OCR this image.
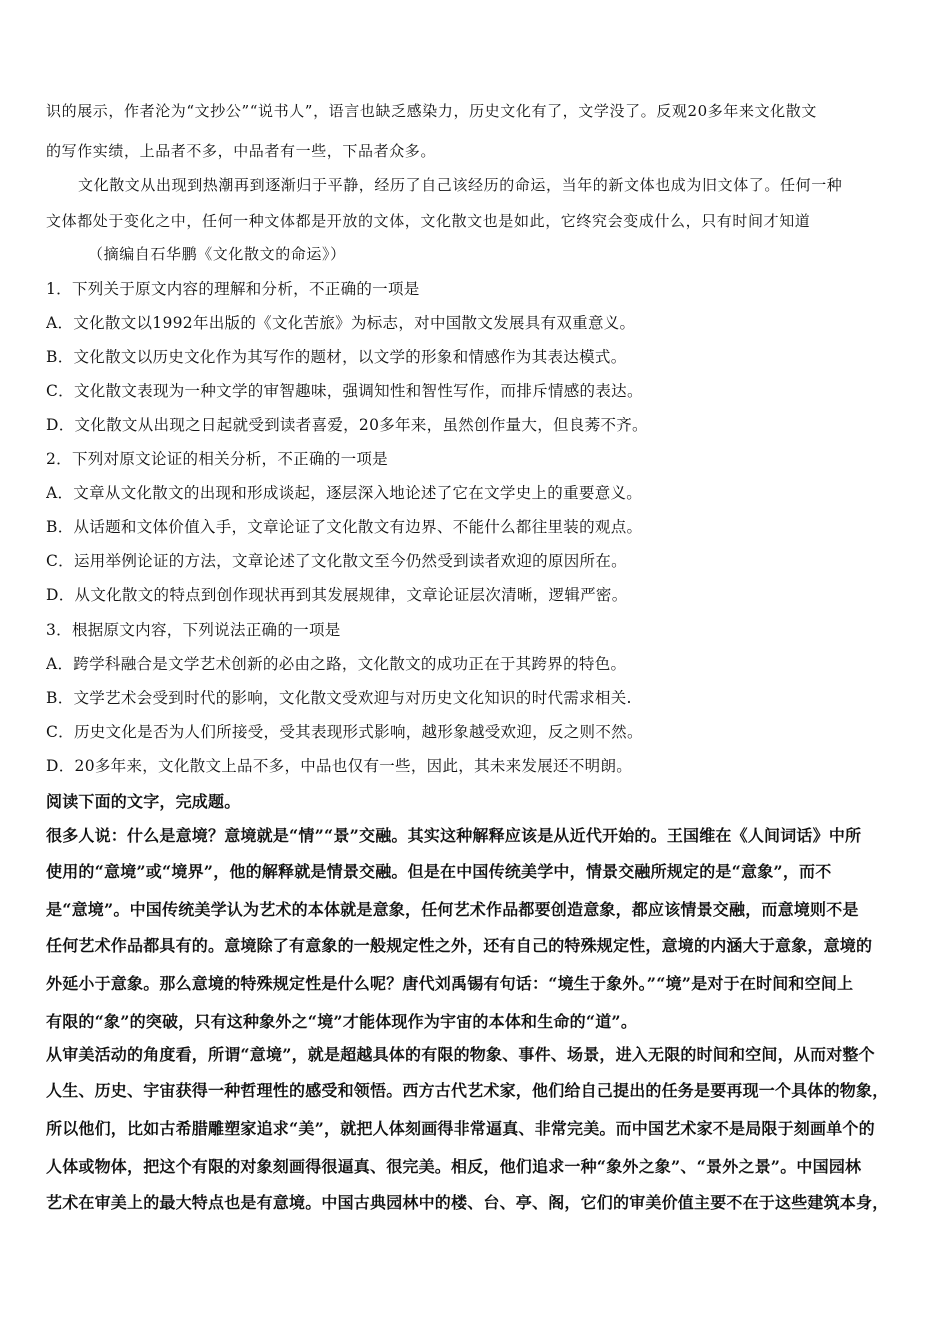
识的展示，作者沦为“文抄公”“说书人”，语言也缺乏感染力，历史文化有了，文学没了。反观20多年来文化散文
的写作实绩，上品者不多，中品者有一些，下品者众多。
文化散文从出现到热潮再到逐渐归于平静，经历了自己该经历的命运，当年的新文体也成为旧文体了。任何一种
文体都处于变化之中，任何一种文体都是开放的文体，文化散文也是如此，它终究会变成什么，只有时间才知道
（摘编自石华鹏《文化散文的命运》）
1．下列关于原文内容的理解和分析，不正确的一项是
A．文化散文以1992年出版的《文化苦旅》为标志，对中国散文发展具有双重意义。
B．文化散文以历史文化作为其写作的题材，以文学的形象和情感作为其表达模式。
C．文化散文表现为一种文学的审智趣味，强调知性和智性写作，而排斥情感的表达。
D．文化散文从出现之日起就受到读者喜爱，20多年来，虽然创作量大，但良莠不齐。
2．下列对原文论证的相关分析，不正确的一项是
A．文章从文化散文的出现和形成谈起，逐层深入地论述了它在文学史上的重要意义。
B．从话题和文体价值入手，文章论证了文化散文有边界、不能什么都往里装的观点。
C．运用举例论证的方法，文章论述了文化散文至今仍然受到读者欢迎的原因所在。
D．从文化散文的特点到创作现状再到其发展规律，文章论证层次清晰，逻辑严密。
3．根据原文内容，下列说法正确的一项是
A．跨学科融合是文学艺术创新的必由之路，文化散文的成功正在于其跨界的特色。
B．文学艺术会受到时代的影响，文化散文受欢迎与对历史文化知识的时代需求相关.
C．历史文化是否为人们所接受，受其表现形式影响，越形象越受欢迎，反之则不然。
D．20多年来，文化散文上品不多，中品也仅有一些，因此，其未来发展还不明朗。
阅读下面的文字，完成题。
很多人说：什么是意境？意境就是“情”“景”交融。其实这种解释应该是从近代开始的。王国维在《人间词话》中所
使用的“意境”或“境界”，他的解释就是情景交融。但是在中国传统美学中，情景交融所规定的是“意象”，而不
是“意境”。中国传统美学认为艺术的本体就是意象，任何艺术作品都要创造意象，都应该情景交融，而意境则不是
任何艺术作品都具有的。意境除了有意象的一般规定性之外，还有自己的特殊规定性，意境的内涵大于意象，意境的
外延小于意象。那么意境的特殊规定性是什么呢？唐代刘禹锡有句话：“境生于象外。”“境”是对于在时间和空间上
有限的“象”的突破，只有这种象外之“境”才能体现作为宇宙的本体和生命的“道”。
从审美活动的角度看，所谓“意境”，就是超越具体的有限的物象、事件、场景，进入无限的时间和空间，从而对整个
人生、历史、宇宙获得一种哲理性的感受和领悟。西方古代艺术家，他们给自己提出的任务是要再现一个具体的物象，
所以他们，比如古希腊雕塑家追求“美”，就把人体刻画得非常逼真、非常完美。而中国艺术家不是局限于刻画单个的
人体或物体，把这个有限的对象刻画得很逼真、很完美。相反，他们追求一种“象外之象”、“景外之景”。中国园林
艺术在审美上的最大特点也是有意境。中国古典园林中的楼、台、亭、阁，它们的审美价值主要不在于这些建筑本身，
